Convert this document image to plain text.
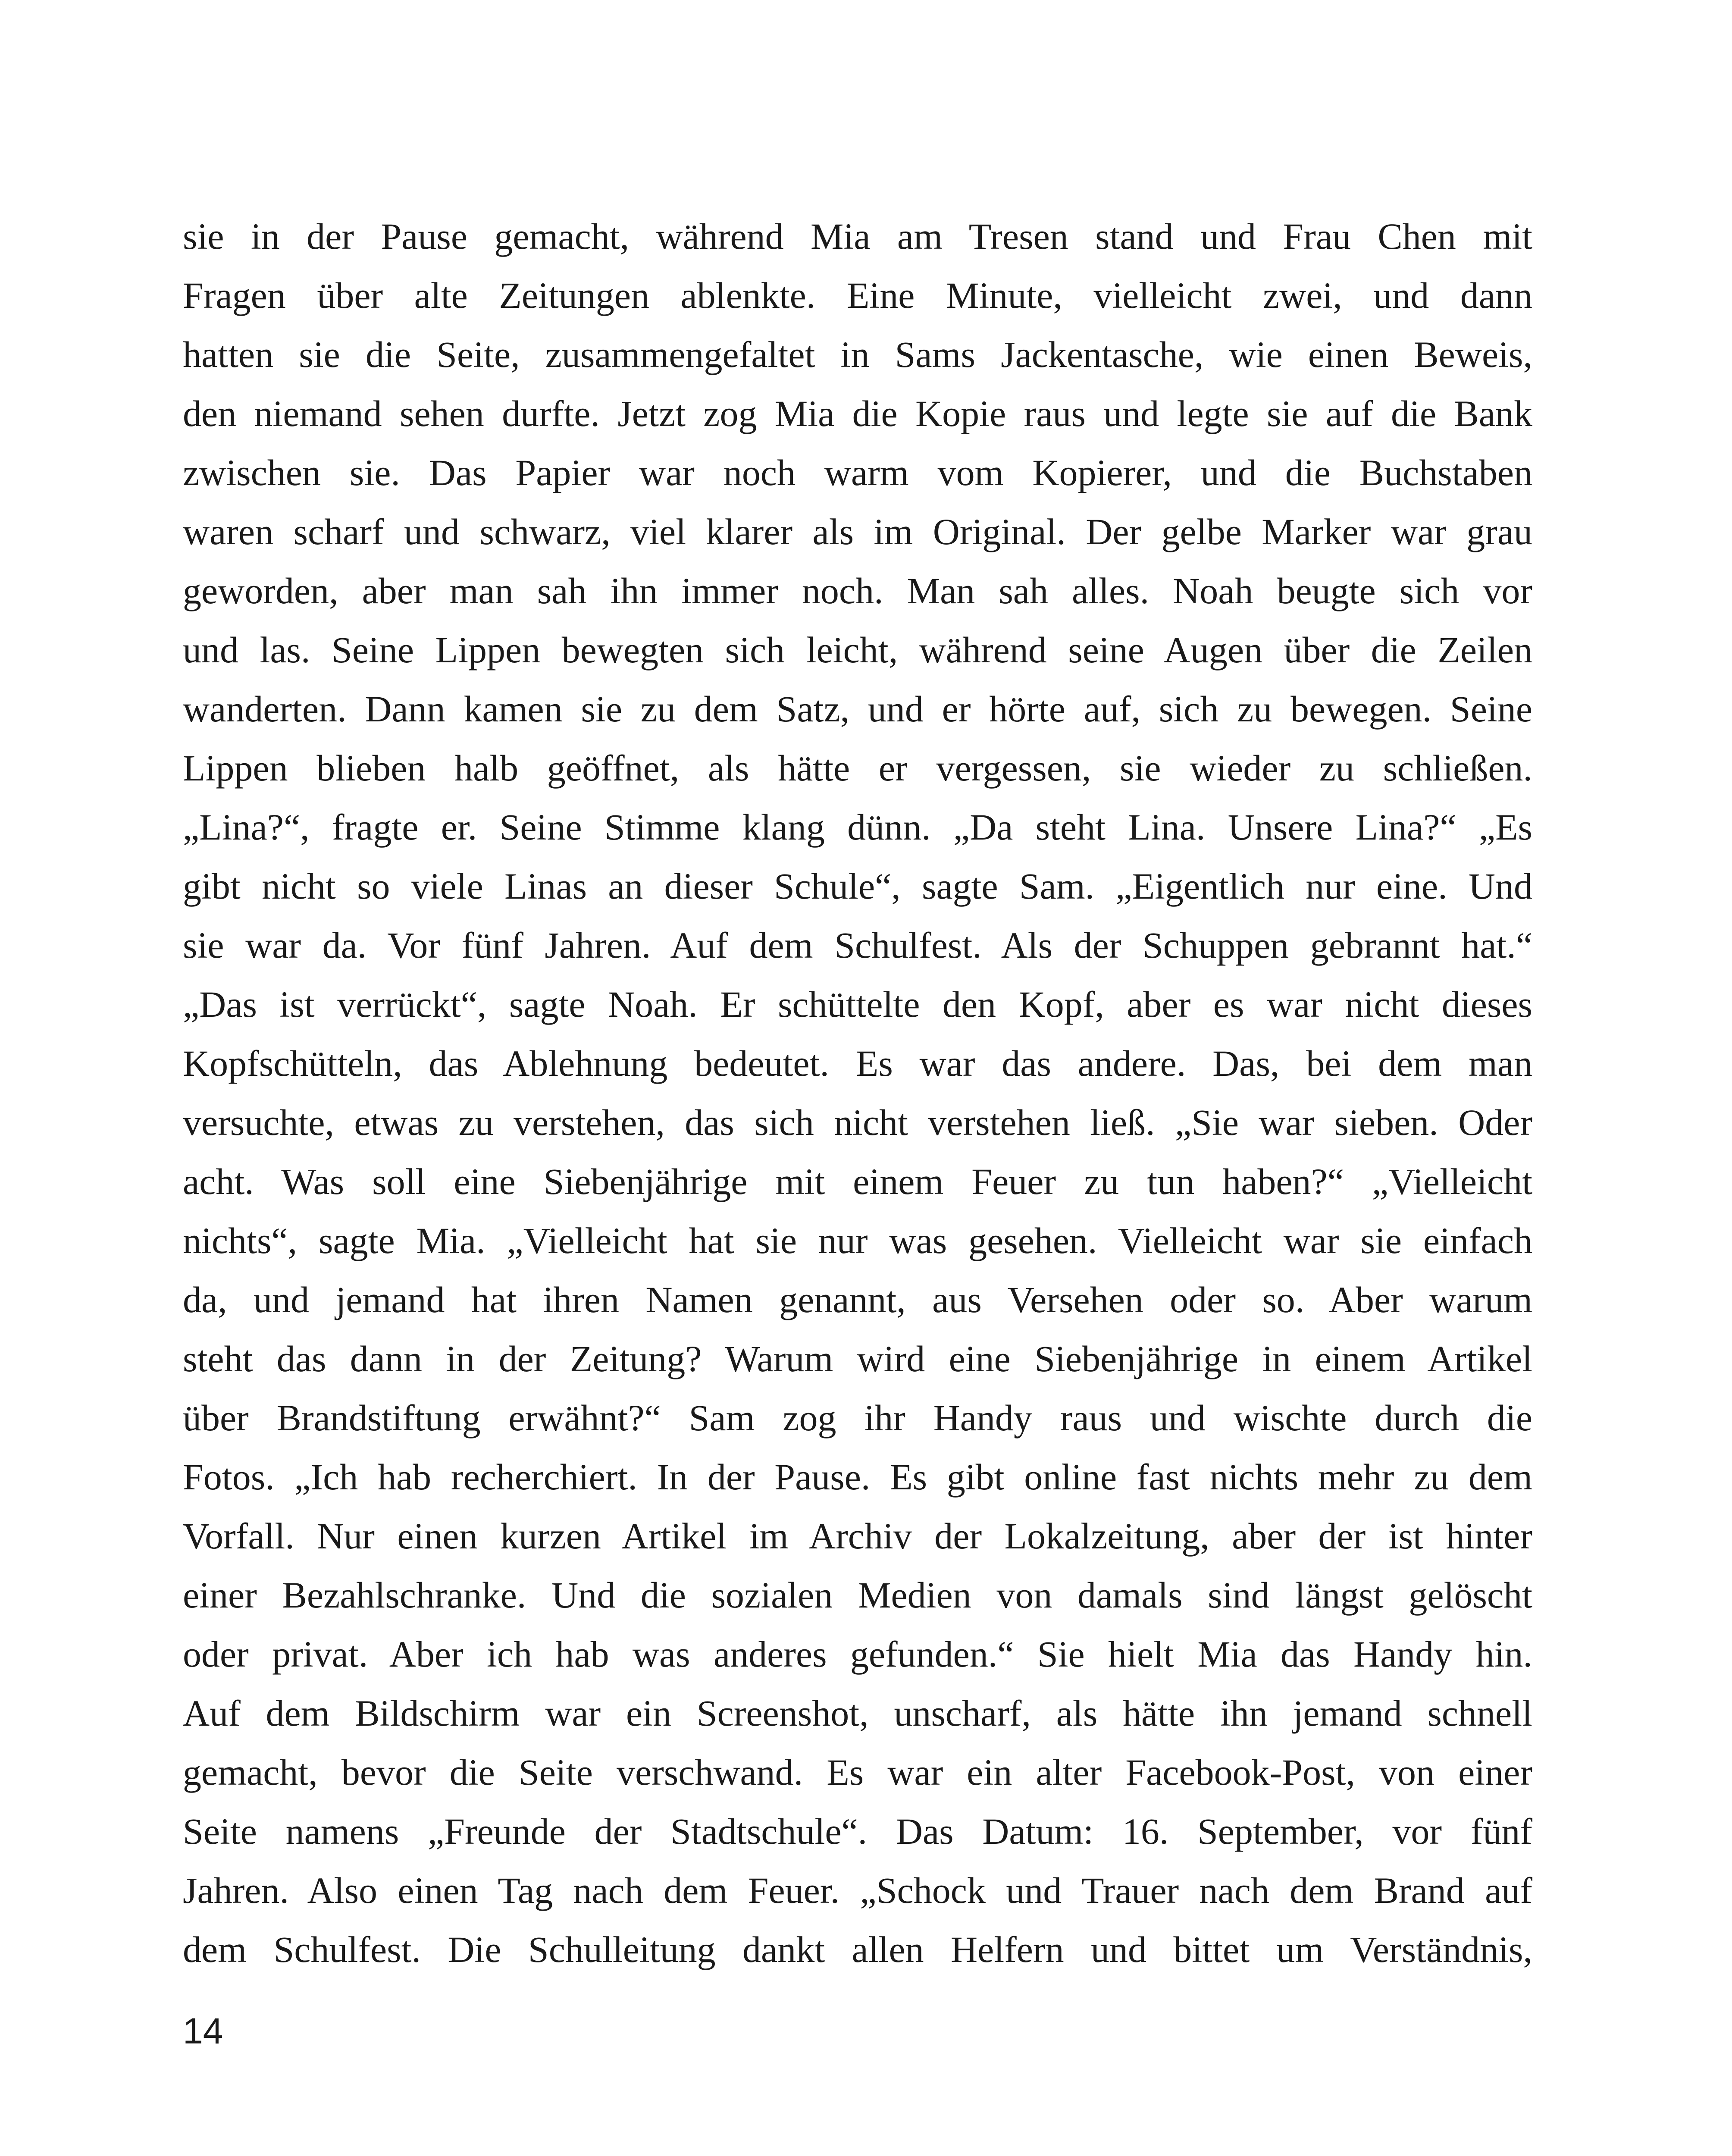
sie in der Pause gemacht, während Mia am Tresen stand und Frau Chen mit
Fragen über alte Zeitungen ablenkte. Eine Minute, vielleicht zwei, und dann
hatten sie die Seite, zusammengefaltet in Sams Jackentasche, wie einen Beweis,
den niemand sehen durfte. Jetzt zog Mia die Kopie raus und legte sie auf die Bank
zwischen sie. Das Papier war noch warm vom Kopierer, und die Buchstaben
waren scharf und schwarz, viel klarer als im Original. Der gelbe Marker war grau
geworden, aber man sah ihn immer noch. Man sah alles. Noah beugte sich vor
und las. Seine Lippen bewegten sich leicht, während seine Augen über die Zeilen
wanderten. Dann kamen sie zu dem Satz, und er hörte auf, sich zu bewegen. Seine
Lippen blieben halb geöffnet, als hätte er vergessen, sie wieder zu schließen.
„Lina?“, fragte er. Seine Stimme klang dünn. „Da steht Lina. Unsere Lina?“ „Es
gibt nicht so viele Linas an dieser Schule“, sagte Sam. „Eigentlich nur eine. Und
sie war da. Vor fünf Jahren. Auf dem Schulfest. Als der Schuppen gebrannt hat.“
„Das ist verrückt“, sagte Noah. Er schüttelte den Kopf, aber es war nicht dieses
Kopfschütteln, das Ablehnung bedeutet. Es war das andere. Das, bei dem man
versuchte, etwas zu verstehen, das sich nicht verstehen ließ. „Sie war sieben. Oder
acht. Was soll eine Siebenjährige mit einem Feuer zu tun haben?“ „Vielleicht
nichts“, sagte Mia. „Vielleicht hat sie nur was gesehen. Vielleicht war sie einfach
da, und jemand hat ihren Namen genannt, aus Versehen oder so. Aber warum
steht das dann in der Zeitung? Warum wird eine Siebenjährige in einem Artikel
über Brandstiftung erwähnt?“ Sam zog ihr Handy raus und wischte durch die
Fotos. „Ich hab recherchiert. In der Pause. Es gibt online fast nichts mehr zu dem
Vorfall. Nur einen kurzen Artikel im Archiv der Lokalzeitung, aber der ist hinter
einer Bezahlschranke. Und die sozialen Medien von damals sind längst gelöscht
oder privat. Aber ich hab was anderes gefunden.“ Sie hielt Mia das Handy hin.
Auf dem Bildschirm war ein Screenshot, unscharf, als hätte ihn jemand schnell
gemacht, bevor die Seite verschwand. Es war ein alter Facebook-Post, von einer
Seite namens „Freunde der Stadtschule“. Das Datum: 16. September, vor fünf
Jahren. Also einen Tag nach dem Feuer. „Schock und Trauer nach dem Brand auf
dem Schulfest. Die Schulleitung dankt allen Helfern und bittet um Verständnis,
14
